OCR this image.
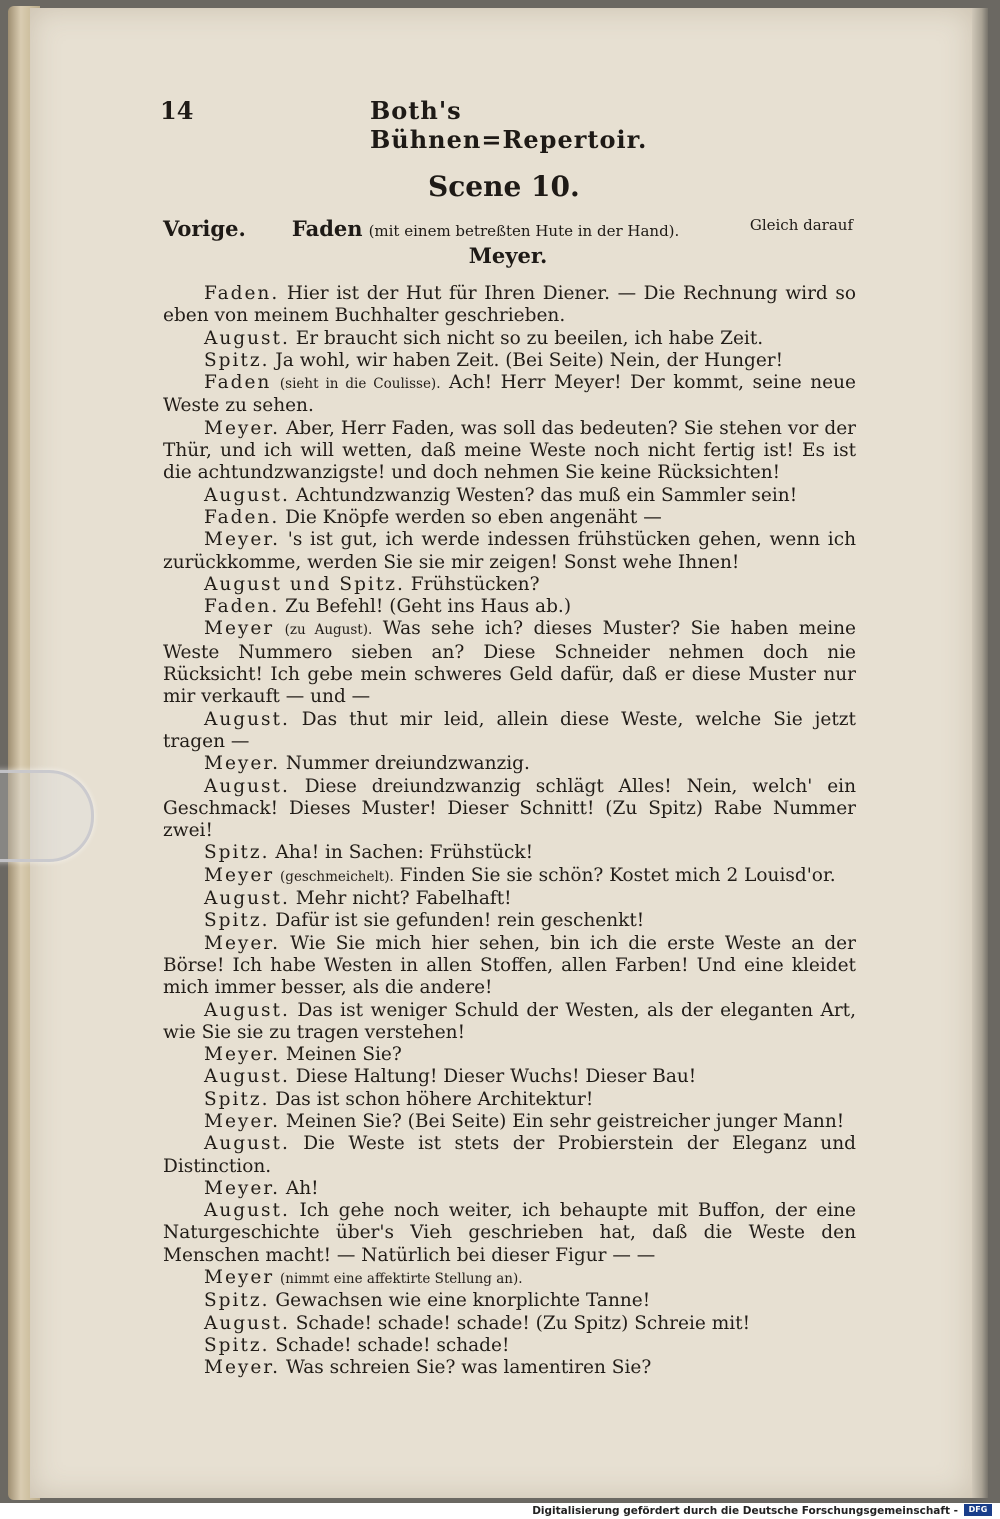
14	Both's Bühnen=Repertoir.
Scene 10.
Vorige. Faden (mit einem betreßten Hute in der Hand).	Gleich darauf
Meyer.

Faden. Hier ist der Hut für Ihren Diener. — Die Rechnung wird so eben von meinem Buchhalter geschrieben.

August. Er braucht sich nicht so zu beeilen, ich habe Zeit.

Spitz. Ja wohl, wir haben Zeit. (Bei Seite) Nein, der Hunger!

Faden (sieht in die Coulisse). Ach! Herr Meyer! Der kommt, seine neue Weste zu sehen.

Meyer. Aber, Herr Faden, was soll das bedeuten? Sie stehen vor der Thür, und ich will wetten, daß meine Weste noch nicht fertig ist! Es ist die achtundzwanzigste! und doch nehmen Sie keine Rücksichten!

August. Achtundzwanzig Westen? das muß ein Sammler sein!

Faden. Die Knöpfe werden so eben angenäht —

Meyer. 's ist gut, ich werde indessen frühstücken gehen, wenn ich zurückkomme, werden Sie sie mir zeigen! Sonst wehe Ihnen!

August und Spitz. Frühstücken?

Faden. Zu Befehl! (Geht ins Haus ab.)

Meyer (zu August). Was sehe ich? dieses Muster? Sie haben meine Weste Nummero sieben an? Diese Schneider nehmen doch nie Rücksicht! Ich gebe mein schweres Geld dafür, daß er diese Muster nur mir verkauft — und —

August. Das thut mir leid, allein diese Weste, welche Sie jetzt tragen —

Meyer. Nummer dreiundzwanzig.

August. Diese dreiundzwanzig schlägt Alles! Nein, welch' ein Geschmack! Dieses Muster! Dieser Schnitt! (Zu Spitz) Rabe Nummer zwei!

Spitz. Aha! in Sachen: Frühstück!

Meyer (geschmeichelt). Finden Sie sie schön? Kostet mich 2 Louisd'or.

August. Mehr nicht? Fabelhaft!

Spitz. Dafür ist sie gefunden! rein geschenkt!

Meyer. Wie Sie mich hier sehen, bin ich die erste Weste an der Börse! Ich habe Westen in allen Stoffen, allen Farben! Und eine kleidet mich immer besser, als die andere!

August. Das ist weniger Schuld der Westen, als der eleganten Art, wie Sie sie zu tragen verstehen!

Meyer. Meinen Sie?

August. Diese Haltung! Dieser Wuchs! Dieser Bau!

Spitz. Das ist schon höhere Architektur!

Meyer. Meinen Sie? (Bei Seite) Ein sehr geistreicher junger Mann!

August. Die Weste ist stets der Probierstein der Eleganz und Distinction.

Meyer. Ah!

August. Ich gehe noch weiter, ich behaupte mit Buffon, der eine Naturgeschichte über's Vieh geschrieben hat, daß die Weste den Menschen macht! — Natürlich bei dieser Figur — —

Meyer (nimmt eine affektirte Stellung an).

Spitz. Gewachsen wie eine knorplichte Tanne!

August. Schade! schade! schade! (Zu Spitz) Schreie mit!

Spitz. Schade! schade! schade!

Meyer. Was schreien Sie? was lamentiren Sie?

Digitalisierung gefördert durch die Deutsche Forschungsgemeinschaft -	DFG
